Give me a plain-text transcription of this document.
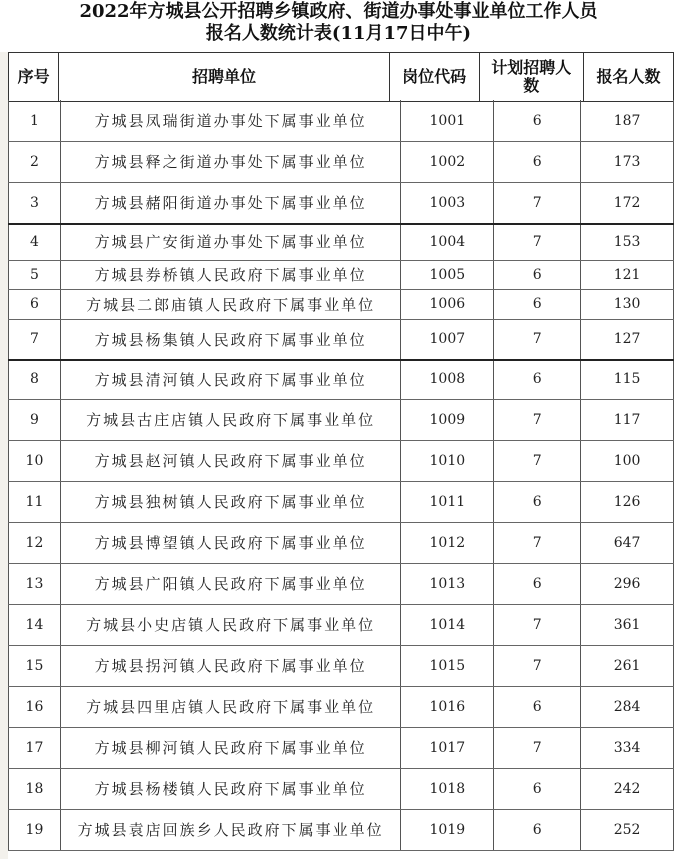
2022年方城县公开招聘乡镇政府、街道办事处事业单位工作人员
报名人数统计表(11月17日中午)
序号	招聘单位	岗位代码	计划招聘人数	报名人数
1	方城县凤瑞街道办事处下属事业单位	1001	6	187
2	方城县释之街道办事处下属事业单位	1002	6	173
3	方城县赭阳街道办事处下属事业单位	1003	7	172
4	方城县广安街道办事处下属事业单位	1004	7	153
5	方城县券桥镇人民政府下属事业单位	1005	6	121
6	方城县二郎庙镇人民政府下属事业单位	1006	6	130
7	方城县杨集镇人民政府下属事业单位	1007	7	127
8	方城县清河镇人民政府下属事业单位	1008	6	115
9	方城县古庄店镇人民政府下属事业单位	1009	7	117
10	方城县赵河镇人民政府下属事业单位	1010	7	100
11	方城县独树镇人民政府下属事业单位	1011	6	126
12	方城县博望镇人民政府下属事业单位	1012	7	647
13	方城县广阳镇人民政府下属事业单位	1013	6	296
14	方城县小史店镇人民政府下属事业单位	1014	7	361
15	方城县拐河镇人民政府下属事业单位	1015	7	261
16	方城县四里店镇人民政府下属事业单位	1016	6	284
17	方城县柳河镇人民政府下属事业单位	1017	7	334
18	方城县杨楼镇人民政府下属事业单位	1018	6	242
19	方城县袁店回族乡人民政府下属事业单位	1019	6	252
